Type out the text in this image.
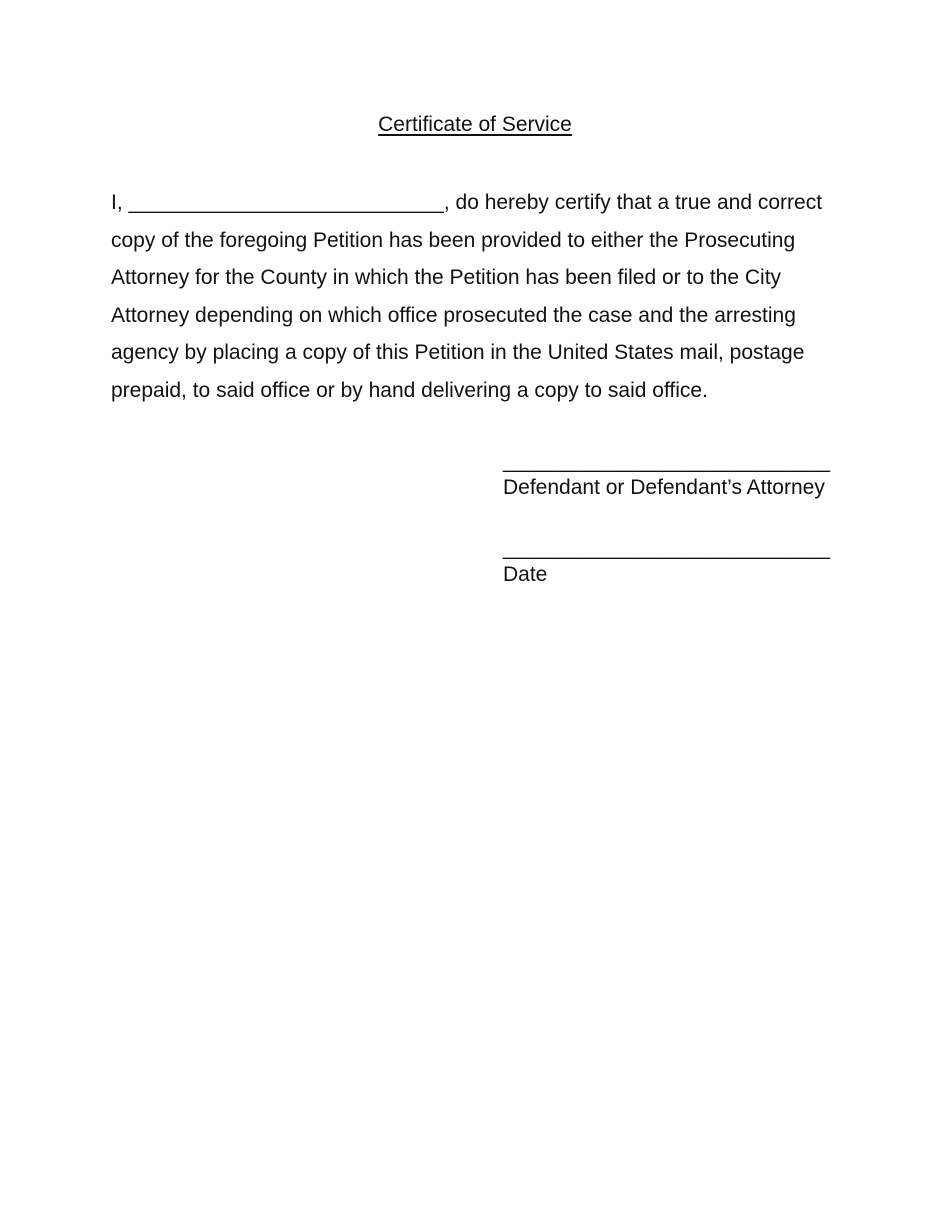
Certificate of Service
I, ___________________________, do hereby certify that a true and correct
copy of the foregoing Petition has been provided to either the Prosecuting
Attorney for the County in which the Petition has been filed or to the City
Attorney depending on which office prosecuted the case and the arresting
agency by placing a copy of this Petition in the United States mail, postage
prepaid, to said office or by hand delivering a copy to said office.
____________________________
Defendant or Defendant’s Attorney
____________________________
Date
